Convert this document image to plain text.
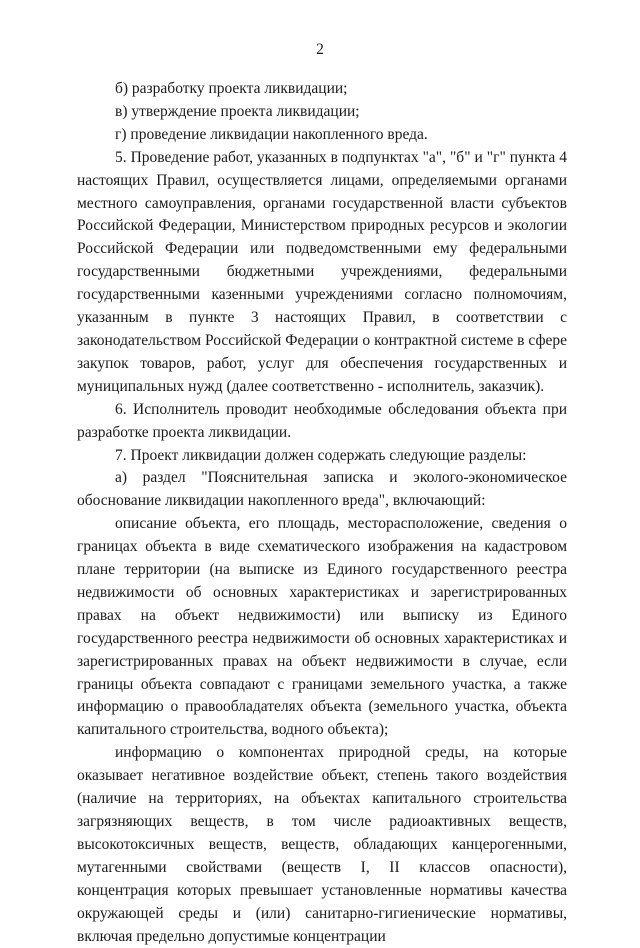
2

б) разработку проекта ликвидации;

в) утверждение проекта ликвидации;

г) проведение ликвидации накопленного вреда.

5. Проведение работ, указанных в подпунктах "а", "б" и "г" пункта 4 настоящих Правил, осуществляется лицами, определяемыми органами местного самоуправления, органами государственной власти субъектов Российской Федерации, Министерством природных ресурсов и экологии Российской Федерации или подведомственными ему федеральными государственными бюджетными учреждениями, федеральными государственными казенными учреждениями согласно полномочиям, указанным в пункте 3 настоящих Правил, в соответствии с законодательством Российской Федерации о контрактной системе в сфере закупок товаров, работ, услуг для обеспечения государственных и муниципальных нужд (далее соответственно - исполнитель, заказчик).

6. Исполнитель проводит необходимые обследования объекта при разработке проекта ликвидации.

7. Проект ликвидации должен содержать следующие разделы:

а) раздел "Пояснительная записка и эколого-экономическое обоснование ликвидации накопленного вреда", включающий:

описание объекта, его площадь, месторасположение, сведения о границах объекта в виде схематического изображения на кадастровом плане территории (на выписке из Единого государственного реестра недвижимости об основных характеристиках и зарегистрированных правах на объект недвижимости) или выписку из Единого государственного реестра недвижимости об основных характеристиках и зарегистрированных правах на объект недвижимости в случае, если границы объекта совпадают с границами земельного участка, а также информацию о правообладателях объекта (земельного участка, объекта капитального строительства, водного объекта);

информацию о компонентах природной среды, на которые оказывает негативное воздействие объект, степень такого воздействия (наличие на территориях, на объектах капитального строительства загрязняющих веществ, в том числе радиоактивных веществ, высокотоксичных веществ, веществ, обладающих канцерогенными, мутагенными свойствами (веществ I, II классов опасности), концентрация которых превышает установленные нормативы качества окружающей среды и (или) санитарно-гигиенические нормативы, включая предельно допустимые концентрации
